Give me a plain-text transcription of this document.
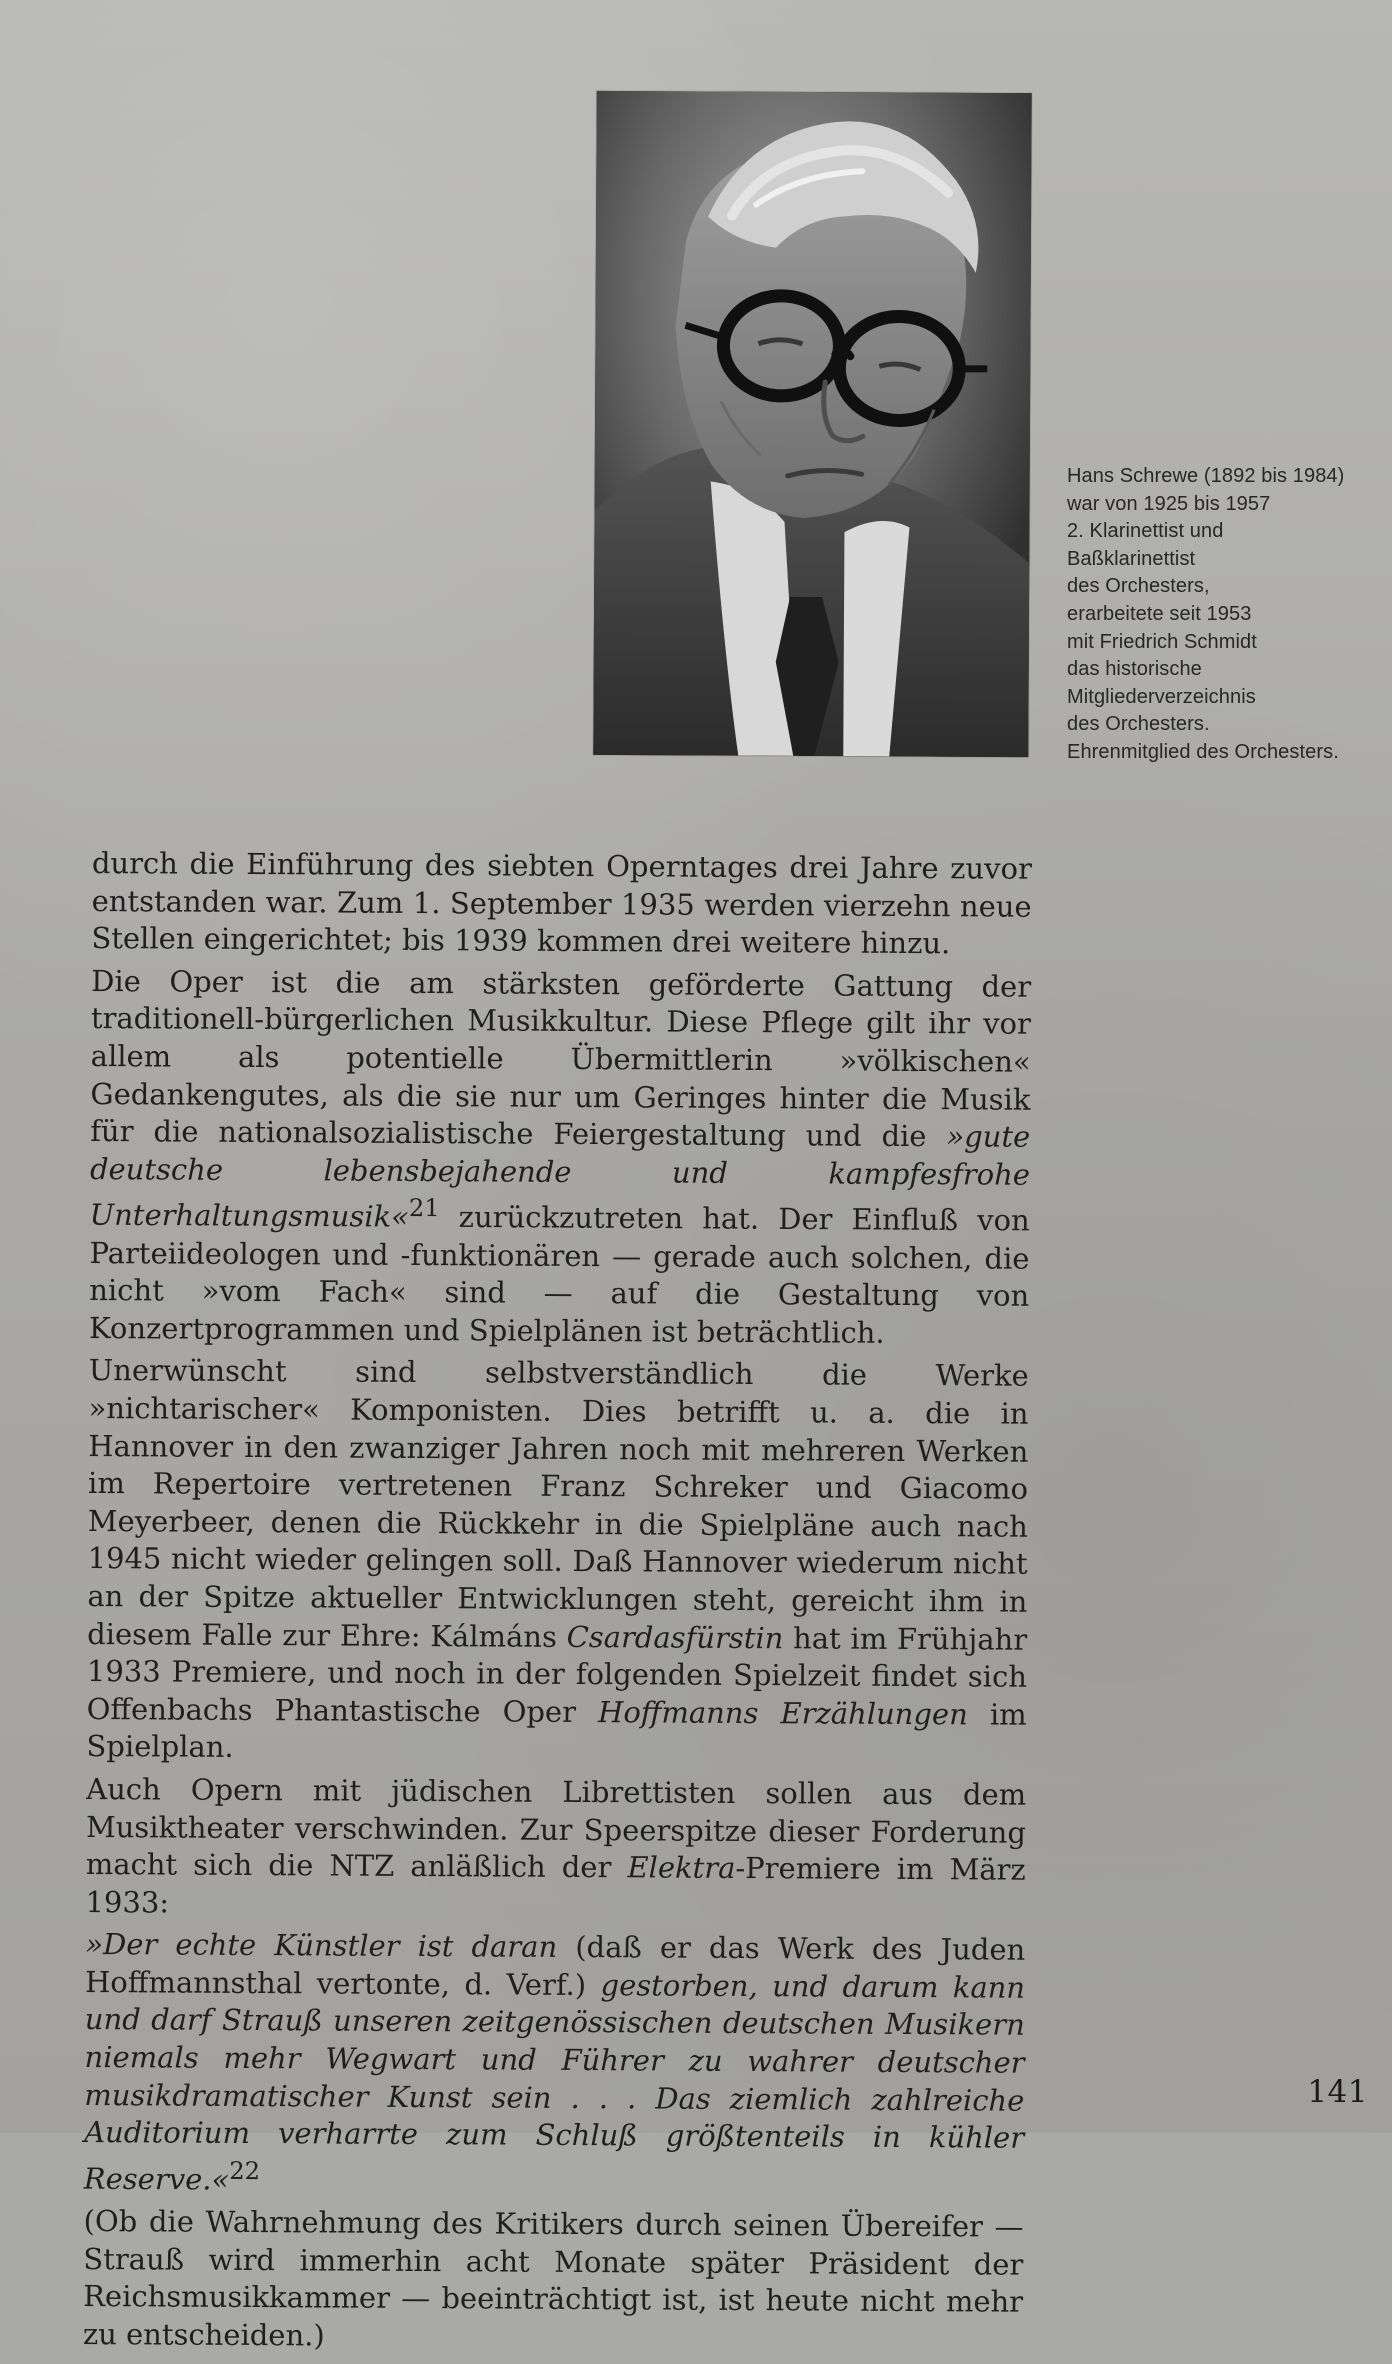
Hans Schrewe (1892 bis 1984)
war von 1925 bis 1957
2. Klarinettist und
Baßklarinettist
des Orchesters,
erarbeitete seit 1953
mit Friedrich Schmidt
das historische
Mitgliederverzeichnis
des Orchesters.
Ehrenmitglied des Orchesters.

durch die Einführung des siebten Operntages drei Jahre zuvor entstanden war. Zum 1. September 1935 werden vierzehn neue Stellen eingerichtet; bis 1939 kommen drei weitere hinzu.

Die Oper ist die am stärksten geförderte Gattung der traditionell-bürgerlichen Musikkultur. Diese Pflege gilt ihr vor allem als potentielle Übermittlerin »völkischen« Gedankengutes, als die sie nur um Geringes hinter die Musik für die nationalsozialistische Feiergestaltung und die »gute deutsche lebensbejahende und kampfesfrohe Unterhaltungsmusik«$^{21}$ zurückzutreten hat. Der Einfluß von Parteiideologen und -funktionären — gerade auch solchen, die nicht »vom Fach« sind — auf die Gestaltung von Konzertprogrammen und Spielplänen ist beträchtlich.

Unerwünscht sind selbstverständlich die Werke »nichtarischer« Komponisten. Dies betrifft u. a. die in Hannover in den zwanziger Jahren noch mit mehreren Werken im Repertoire vertretenen Franz Schreker und Giacomo Meyerbeer, denen die Rückkehr in die Spielpläne auch nach 1945 nicht wieder gelingen soll. Daß Hannover wiederum nicht an der Spitze aktueller Entwicklungen steht, gereicht ihm in diesem Falle zur Ehre: Kálmáns Csardasfürstin hat im Frühjahr 1933 Premiere, und noch in der folgenden Spielzeit findet sich Offenbachs Phantastische Oper Hoffmanns Erzählungen im Spielplan.

Auch Opern mit jüdischen Librettisten sollen aus dem Musiktheater verschwinden. Zur Speerspitze dieser Forderung macht sich die NTZ anläßlich der Elektra-Premiere im März 1933:

»Der echte Künstler ist daran (daß er das Werk des Juden Hoffmannsthal vertonte, d. Verf.) gestorben, und darum kann und darf Strauß unseren zeitgenössischen deutschen Musikern niemals mehr Wegwart und Führer zu wahrer deutscher musikdramatischer Kunst sein . . . Das ziemlich zahlreiche Auditorium verharrte zum Schluß größtenteils in kühler Reserve.«$^{22}$

(Ob die Wahrnehmung des Kritikers durch seinen Übereifer — Strauß wird immerhin acht Monate später Präsident der Reichsmusikkammer — beeinträchtigt ist, ist heute nicht mehr zu entscheiden.)

141
